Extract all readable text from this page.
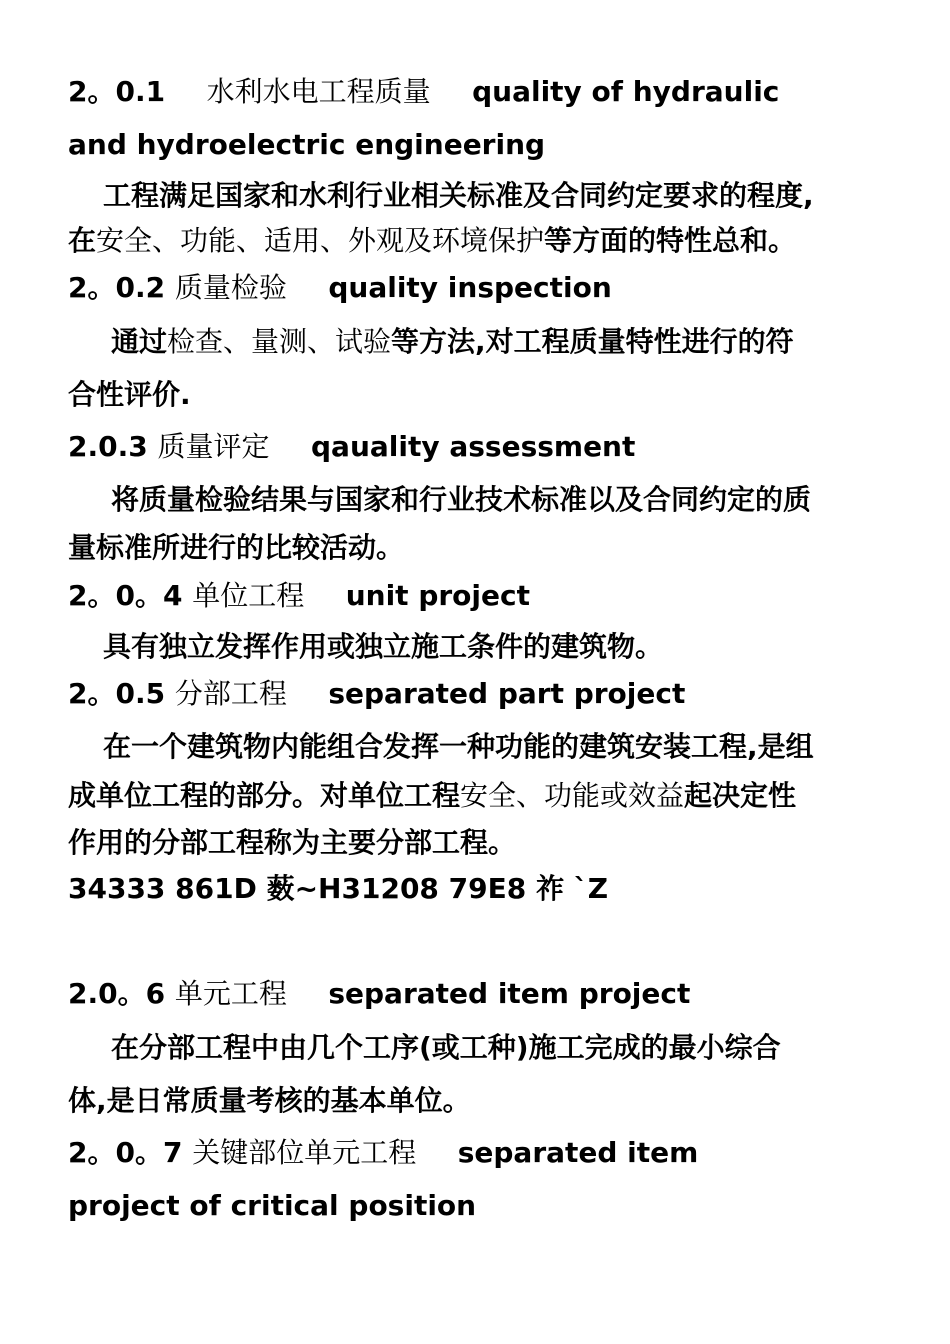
2。0.1 水利水电工程质量 quality of hydraulic
and hydroelectric engineering
工程满足国家和水利行业相关标准及合同约定要求的程度,
在安全、功能、适用、外观及环境保护等方面的特性总和。
2。0.2 质量检验 quality inspection
通过检查、量测、试验等方法,对工程质量特性进行的符
合性评价.
2.0.3 质量评定 qauality assessment
将质量检验结果与国家和行业技术标准以及合同约定的质
量标准所进行的比较活动。
2。0。4 单位工程 unit project
具有独立发挥作用或独立施工条件的建筑物。
2。0.5 分部工程 separated part project
在一个建筑物内能组合发挥一种功能的建筑安装工程,是组
成单位工程的部分。对单位工程安全、功能或效益起决定性
作用的分部工程称为主要分部工程。
34333 861D 薮~H31208 79E8 祚 `Z
2.0。6 单元工程 separated item project
在分部工程中由几个工序(或工种)施工完成的最小综合
体,是日常质量考核的基本单位。
2。0。7 关键部位单元工程 separated item
project of critical position
